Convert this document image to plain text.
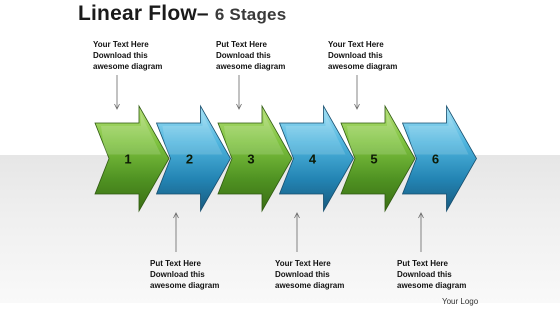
Linear Flow– 6 Stages
Your Text Here
Download this
awesome diagram
Put Text Here
Download this
awesome diagram
Your Text Here
Download this
awesome diagram
Put Text Here
Download this
awesome diagram
Your Text Here
Download this
awesome diagram
Put Text Here
Download this
awesome diagram
6
5
4
3
2
1
Your Logo
